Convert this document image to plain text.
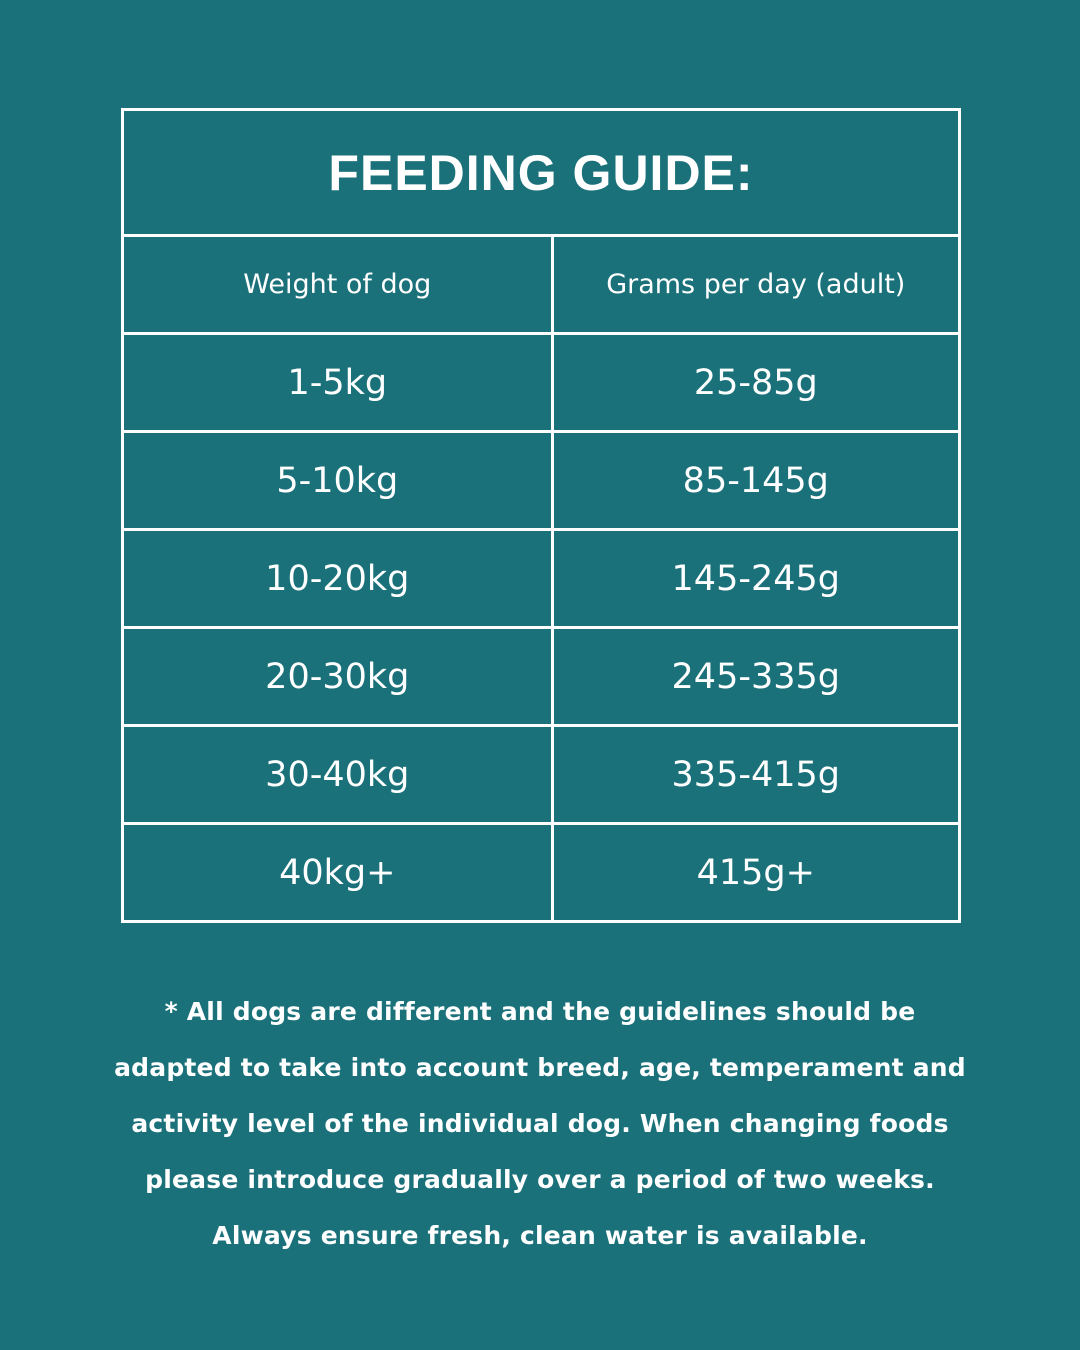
FEEDING GUIDE:	
Weight of dog	Grams per day (adult)
1-5kg	25-85g
5-10kg	85-145g
10-20kg	145-245g
20-30kg	245-335g
30-40kg	335-415g
40kg+	415g+
* All dogs are different and the guidelines should be adapted to take into account breed, age, temperament and activity level of the individual dog. When changing foods please introduce gradually over a period of two weeks. Always ensure fresh, clean water is available.
